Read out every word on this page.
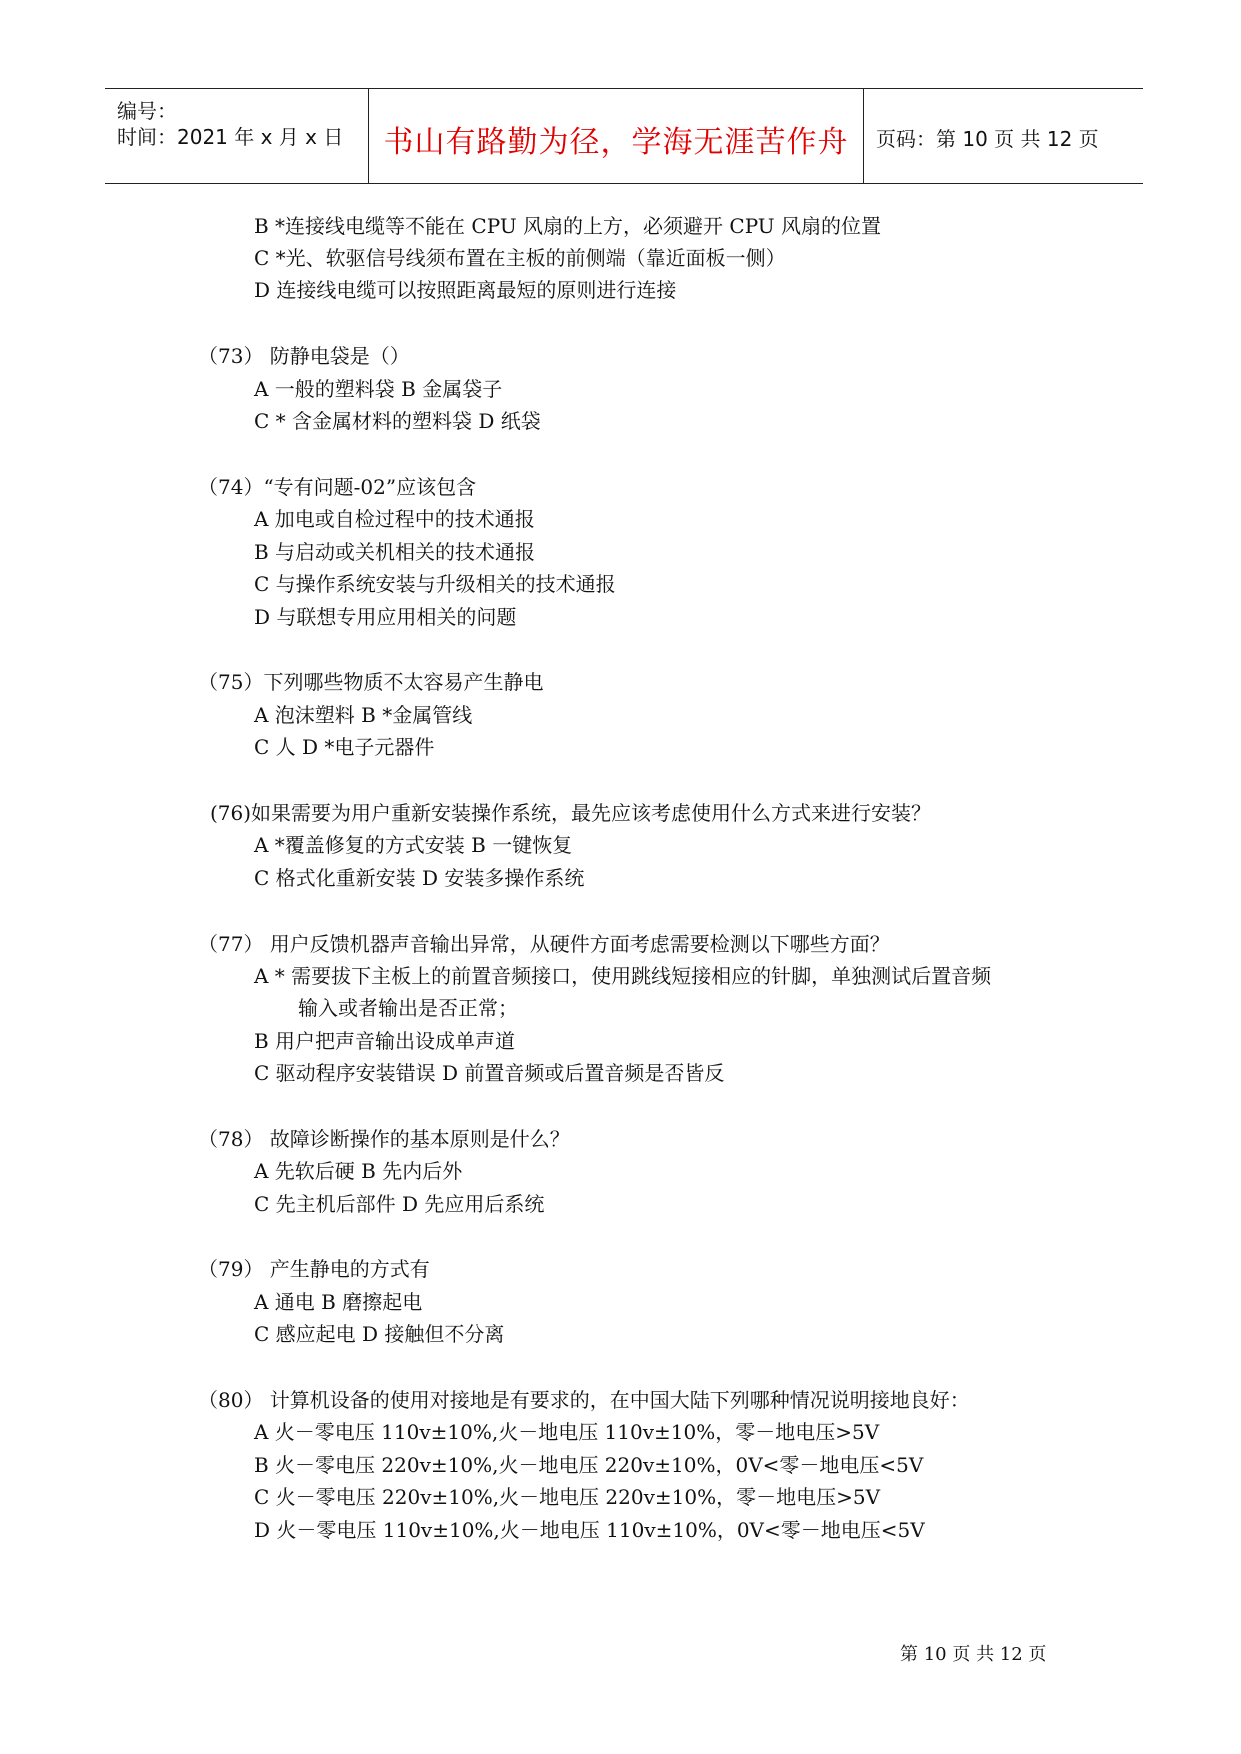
编号：
时间：2021 年 x 月 x 日	书山有路勤为径，学海无涯苦作舟	页码：第 10 页 共 12 页
B *连接线电缆等不能在 CPU 风扇的上方，必须避开 CPU 风扇的位置
C *光、软驱信号线须布置在主板的前侧端（靠近面板一侧）
D 连接线电缆可以按照距离最短的原则进行连接
（73） 防静电袋是（）
A 一般的塑料袋 B 金属袋子
C * 含金属材料的塑料袋 D 纸袋
（74）“专有问题-02”应该包含
A 加电或自检过程中的技术通报
B 与启动或关机相关的技术通报
C 与操作系统安装与升级相关的技术通报
D 与联想专用应用相关的问题
（75）下列哪些物质不太容易产生静电
A 泡沫塑料 B *金属管线
C 人 D *电子元器件
(76)如果需要为用户重新安装操作系统，最先应该考虑使用什么方式来进行安装？
A *覆盖修复的方式安装 B 一键恢复
C 格式化重新安装 D 安装多操作系统
（77） 用户反馈机器声音输出异常，从硬件方面考虑需要检测以下哪些方面？
A * 需要拔下主板上的前置音频接口，使用跳线短接相应的针脚，单独测试后置音频
输入或者输出是否正常；
B 用户把声音输出设成单声道
C 驱动程序安装错误 D 前置音频或后置音频是否皆反
（78） 故障诊断操作的基本原则是什么？
A 先软后硬 B 先内后外
C 先主机后部件 D 先应用后系统
（79） 产生静电的方式有
A 通电 B 磨擦起电
C 感应起电 D 接触但不分离
（80） 计算机设备的使用对接地是有要求的，在中国大陆下列哪种情况说明接地良好：
A 火－零电压 110v±10%,火－地电压 110v±10%，零－地电压>5V
B 火－零电压 220v±10%,火－地电压 220v±10%，0V<零－地电压<5V
C 火－零电压 220v±10%,火－地电压 220v±10%，零－地电压>5V
D 火－零电压 110v±10%,火－地电压 110v±10%，0V<零－地电压<5V
第 10 页 共 12 页
